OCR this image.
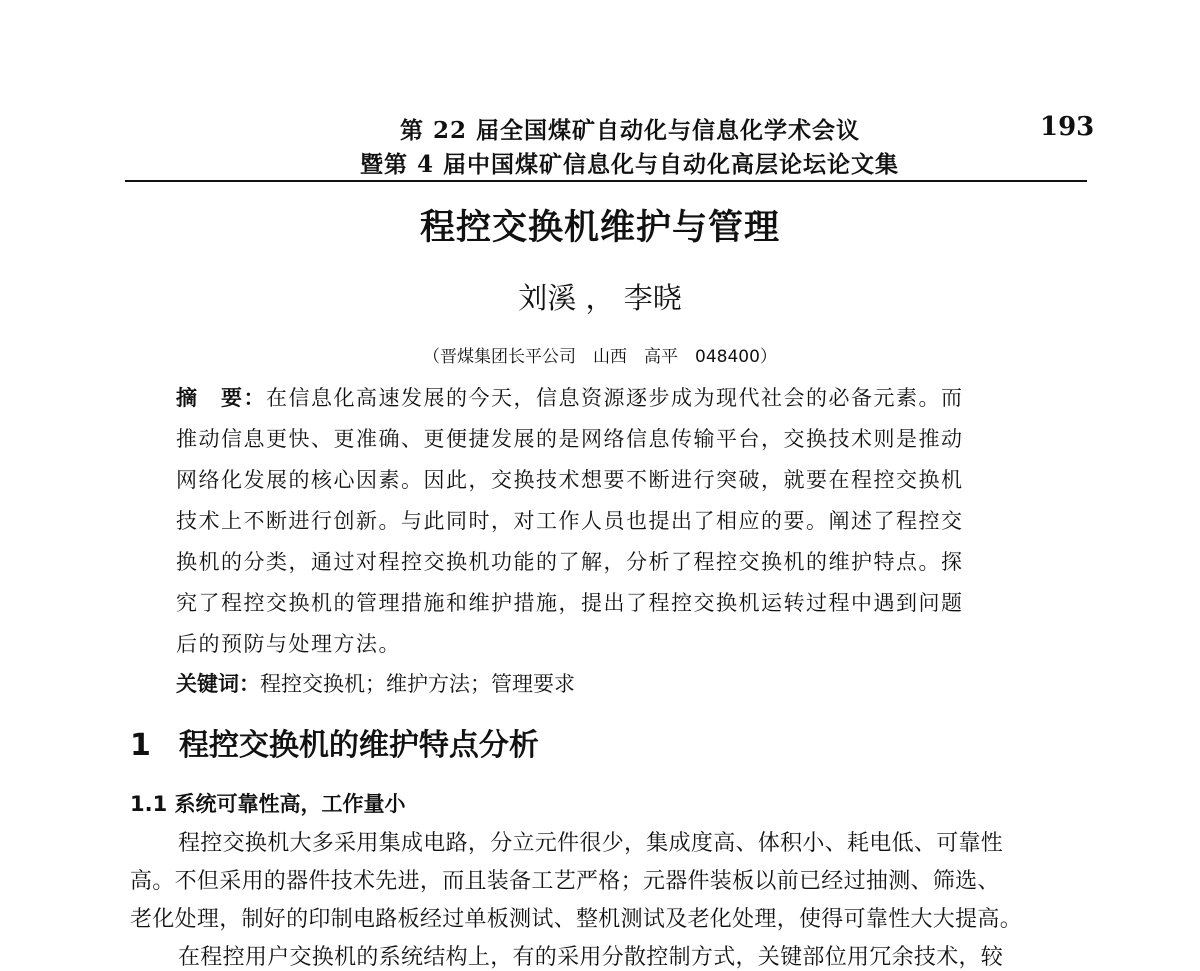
第 22 届全国煤矿自动化与信息化学术会议
暨第 4 届中国煤矿信息化与自动化高层论坛论文集
193
程控交换机维护与管理
刘溪 ， 李晓
（晋煤集团长平公司　山西　高平　048400）
摘　要：在信息化高速发展的今天，信息资源逐步成为现代社会的必备元素。而
推动信息更快、更准确、更便捷发展的是网络信息传输平台，交换技术则是推动
网络化发展的核心因素。因此，交换技术想要不断进行突破，就要在程控交换机
技术上不断进行创新。与此同时，对工作人员也提出了相应的要。阐述了程控交
换机的分类，通过对程控交换机功能的了解，分析了程控交换机的维护特点。探
究了程控交换机的管理措施和维护措施，提出了程控交换机运转过程中遇到问题
后的预防与处理方法。
关键词：程控交换机；维护方法；管理要求
1 程控交换机的维护特点分析
1.1 系统可靠性高，工作量小
程控交换机大多采用集成电路，分立元件很少，集成度高、体积小、耗电低、可靠性
高。不但采用的器件技术先进，而且装备工艺严格；元器件装板以前已经过抽测、筛选、
老化处理，制好的印制电路板经过单板测试、整机测试及老化处理，使得可靠性大大提高。
在程控用户交换机的系统结构上，有的采用分散控制方式，关键部位用冗余技术，较
